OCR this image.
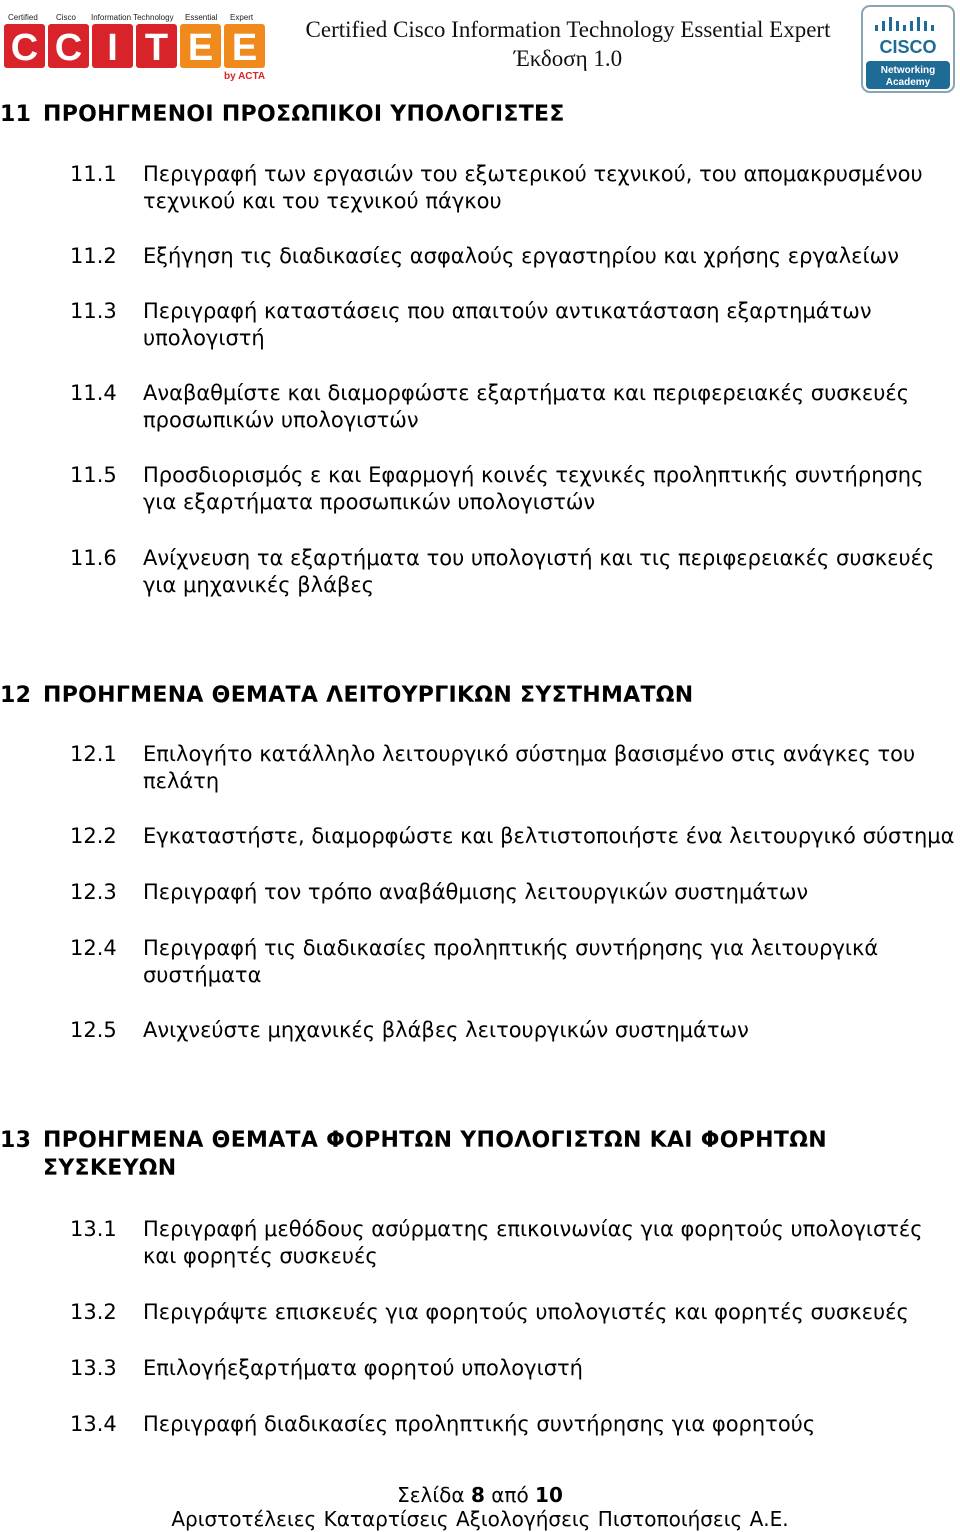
Certified Cisco Information Technology Essential Expert
C C I T E E
by ACTA
Certified Cisco Information Technology Essential Expert
Έκδοση 1.0	CISCO
Networking
Academy
11 ΠΡΟΗΓΜΕΝΟΙ ΠΡΟΣΩΠΙΚΟΙ ΥΠΟΛΟΓΙΣΤΕΣ
11.1 Περιγραφή των εργασιών του εξωτερικού τεχνικού, του απομακρυσμένου τεχνικού και του τεχνικού πάγκου
11.2 Εξήγηση τις διαδικασίες ασφαλούς εργαστηρίου και χρήσης εργαλείων
11.3 Περιγραφή καταστάσεις που απαιτούν αντικατάσταση εξαρτημάτων υπολογιστή
11.4 Αναβαθμίστε και διαμορφώστε εξαρτήματα και περιφερειακές συσκευές προσωπικών υπολογιστών
11.5 Προσδιορισμός ε και Εφαρμογή κοινές τεχνικές προληπτικής συντήρησης για εξαρτήματα προσωπικών υπολογιστών
11.6 Ανίχνευση τα εξαρτήματα του υπολογιστή και τις περιφερειακές συσκευές για μηχανικές βλάβες
12 ΠΡΟΗΓΜΕΝΑ ΘΕΜΑΤΑ ΛΕΙΤΟΥΡΓΙΚΩΝ ΣΥΣΤΗΜΑΤΩΝ
12.1 Επιλογήτο κατάλληλο λειτουργικό σύστημα βασισμένο στις ανάγκες του πελάτη
12.2 Εγκαταστήστε, διαμορφώστε και βελτιστοποιήστε ένα λειτουργικό σύστημα
12.3 Περιγραφή τον τρόπο αναβάθμισης λειτουργικών συστημάτων
12.4 Περιγραφή τις διαδικασίες προληπτικής συντήρησης για λειτουργικά συστήματα
12.5 Ανιχνεύστε μηχανικές βλάβες λειτουργικών συστημάτων
13 ΠΡΟΗΓΜΕΝΑ ΘΕΜΑΤΑ ΦΟΡΗΤΩΝ ΥΠΟΛΟΓΙΣΤΩΝ ΚΑΙ ΦΟΡΗΤΩΝ ΣΥΣΚΕΥΩΝ
13.1 Περιγραφή μεθόδους ασύρματης επικοινωνίας για φορητούς υπολογιστές και φορητές συσκευές
13.2 Περιγράψτε επισκευές για φορητούς υπολογιστές και φορητές συσκευές
13.3 Επιλογήεξαρτήματα φορητού υπολογιστή
13.4 Περιγραφή διαδικασίες προληπτικής συντήρησης για φορητούς
Σελίδα 8 από 10
Αριστοτέλειες Καταρτίσεις Αξιολογήσεις Πιστοποιήσεις Α.Ε.
